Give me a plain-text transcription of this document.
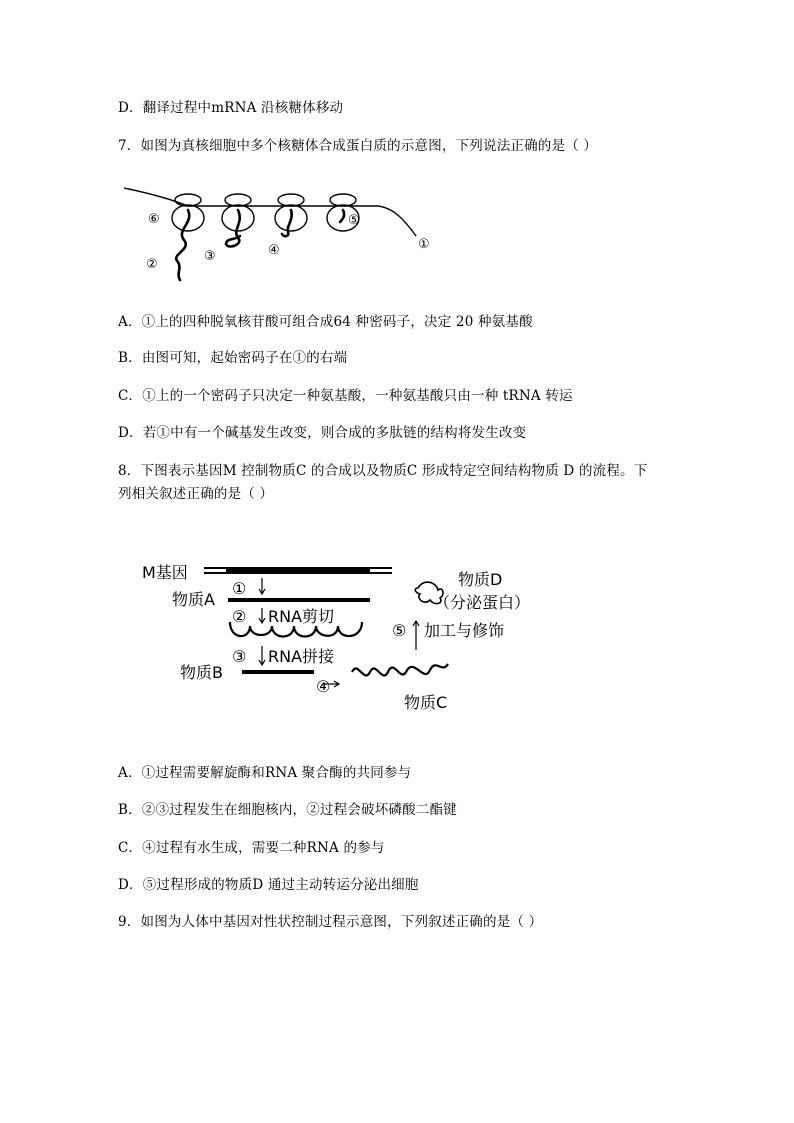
D．翻译过程中mRNA 沿核糖体移动
7．如图为真核细胞中多个核糖体合成蛋白质的示意图，下列说法正确的是（ ）
⑥
②
③	④
⑤
①
A．①上的四种脱氧核苷酸可组合成64 种密码子，决定 20 种氨基酸
B．由图可知，起始密码子在①的右端
C．①上的一个密码子只决定一种氨基酸，一种氨基酸只由一种 tRNA 转运
D．若①中有一个碱基发生改变，则合成的多肽链的结构将发生改变
8．下图表示基因M 控制物质C 的合成以及物质C 形成特定空间结构物质 D 的流程。下
列相关叙述正确的是（ ）
M基因
物质A
物质B
物质C
物质D
（分泌蛋白）
①
②
③
④
⑤
RNA剪切
RNA拼接
加工与修饰
A．①过程需要解旋酶和RNA 聚合酶的共同参与
B．②③过程发生在细胞核内，②过程会破坏磷酸二酯键
C．④过程有水生成，需要二种RNA 的参与
D．⑤过程形成的物质D 通过主动转运分泌出细胞
9．如图为人体中基因对性状控制过程示意图，下列叙述正确的是（ ）
